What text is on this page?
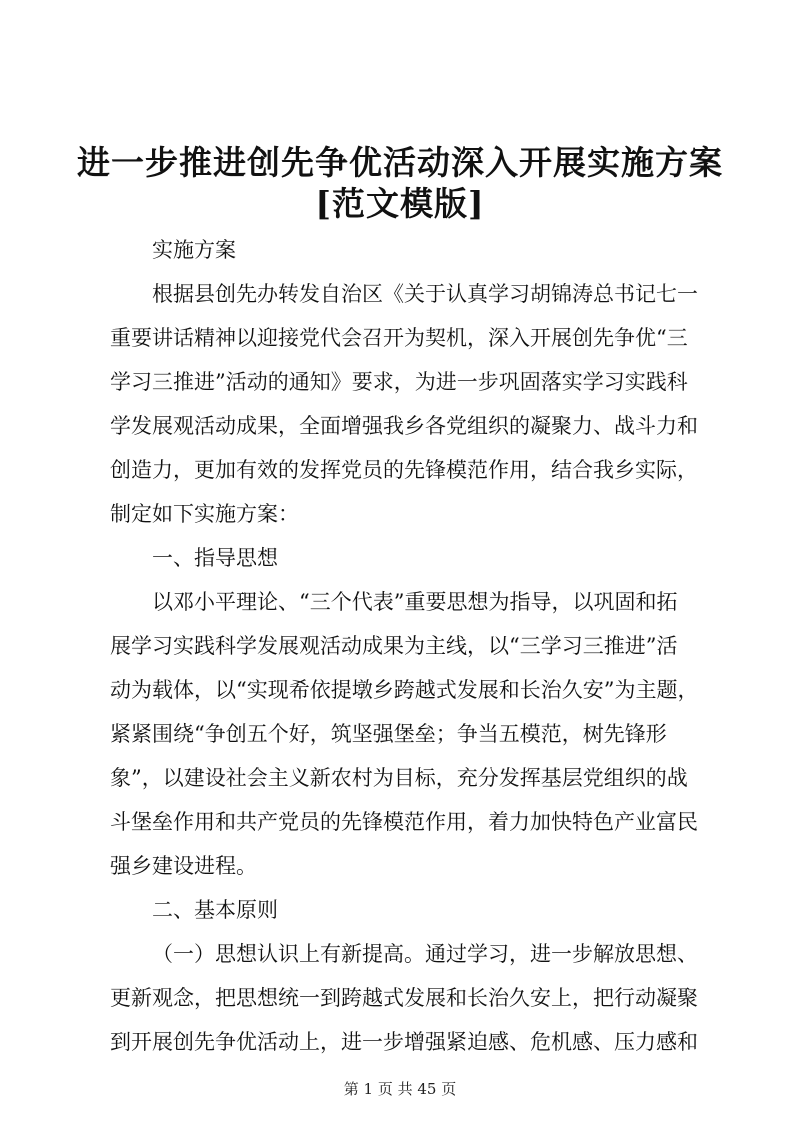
进一步推进创先争优活动深入开展实施方案
[范文模版]
实施方案
根据县创先办转发自治区《关于认真学习胡锦涛总书记七一
重要讲话精神以迎接党代会召开为契机，深入开展创先争优“三
学习三推进”活动的通知》要求，为进一步巩固落实学习实践科
学发展观活动成果，全面增强我乡各党组织的凝聚力、战斗力和
创造力，更加有效的发挥党员的先锋模范作用，结合我乡实际，
制定如下实施方案：
一、指导思想
以邓小平理论、“三个代表”重要思想为指导，以巩固和拓
展学习实践科学发展观活动成果为主线，以“三学习三推进”活
动为载体，以“实现希依提墩乡跨越式发展和长治久安”为主题，
紧紧围绕“争创五个好，筑坚强堡垒；争当五模范，树先锋形
象”，以建设社会主义新农村为目标，充分发挥基层党组织的战
斗堡垒作用和共产党员的先锋模范作用，着力加快特色产业富民
强乡建设进程。
二、基本原则
（一）思想认识上有新提高。通过学习，进一步解放思想、
更新观念，把思想统一到跨越式发展和长治久安上，把行动凝聚
到开展创先争优活动上，进一步增强紧迫感、危机感、压力感和
第 1 页 共 45 页
